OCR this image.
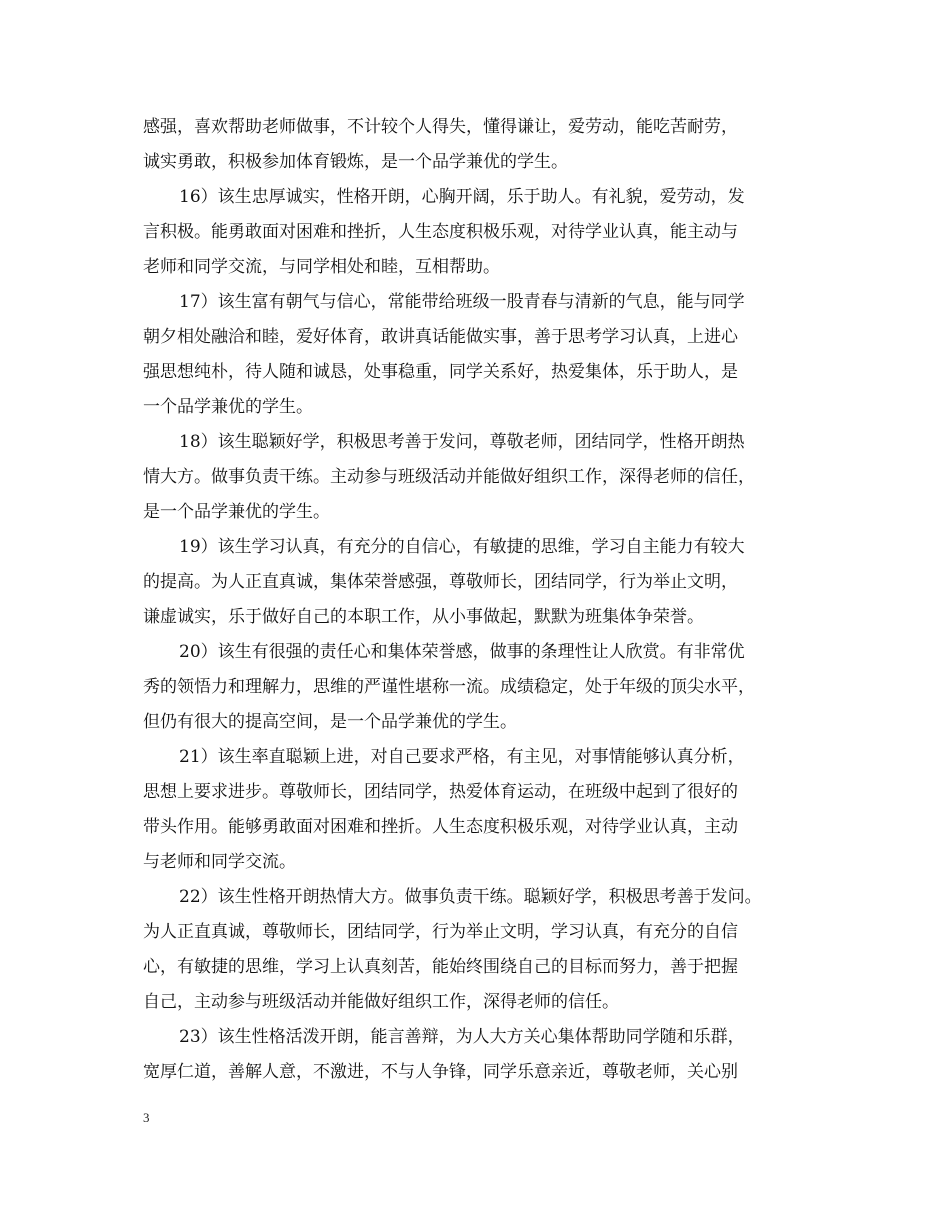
感强，喜欢帮助老师做事，不计较个人得失，懂得谦让，爱劳动，能吃苦耐劳，
诚实勇敢，积极参加体育锻炼，是一个品学兼优的学生。
16）该生忠厚诚实，性格开朗，心胸开阔，乐于助人。有礼貌，爱劳动，发
言积极。能勇敢面对困难和挫折，人生态度积极乐观，对待学业认真，能主动与
老师和同学交流，与同学相处和睦，互相帮助。
17）该生富有朝气与信心，常能带给班级一股青春与清新的气息，能与同学
朝夕相处融洽和睦，爱好体育，敢讲真话能做实事，善于思考学习认真，上进心
强思想纯朴，待人随和诚恳，处事稳重，同学关系好，热爱集体，乐于助人，是
一个品学兼优的学生。
18）该生聪颖好学，积极思考善于发问，尊敬老师，团结同学，性格开朗热
情大方。做事负责干练。主动参与班级活动并能做好组织工作，深得老师的信任，
是一个品学兼优的学生。
19）该生学习认真，有充分的自信心，有敏捷的思维，学习自主能力有较大
的提高。为人正直真诚，集体荣誉感强，尊敬师长，团结同学，行为举止文明，
谦虚诚实，乐于做好自己的本职工作，从小事做起，默默为班集体争荣誉。
20）该生有很强的责任心和集体荣誉感，做事的条理性让人欣赏。有非常优
秀的领悟力和理解力，思维的严谨性堪称一流。成绩稳定，处于年级的顶尖水平，
但仍有很大的提高空间，是一个品学兼优的学生。
21）该生率直聪颖上进，对自己要求严格，有主见，对事情能够认真分析，
思想上要求进步。尊敬师长，团结同学，热爱体育运动，在班级中起到了很好的
带头作用。能够勇敢面对困难和挫折。人生态度积极乐观，对待学业认真，主动
与老师和同学交流。
22）该生性格开朗热情大方。做事负责干练。聪颖好学，积极思考善于发问。
为人正直真诚，尊敬师长，团结同学，行为举止文明，学习认真，有充分的自信
心，有敏捷的思维，学习上认真刻苦，能始终围绕自己的目标而努力，善于把握
自己，主动参与班级活动并能做好组织工作，深得老师的信任。
23）该生性格活泼开朗，能言善辩，为人大方关心集体帮助同学随和乐群，
宽厚仁道，善解人意，不激进，不与人争锋，同学乐意亲近，尊敬老师，关心别
3
